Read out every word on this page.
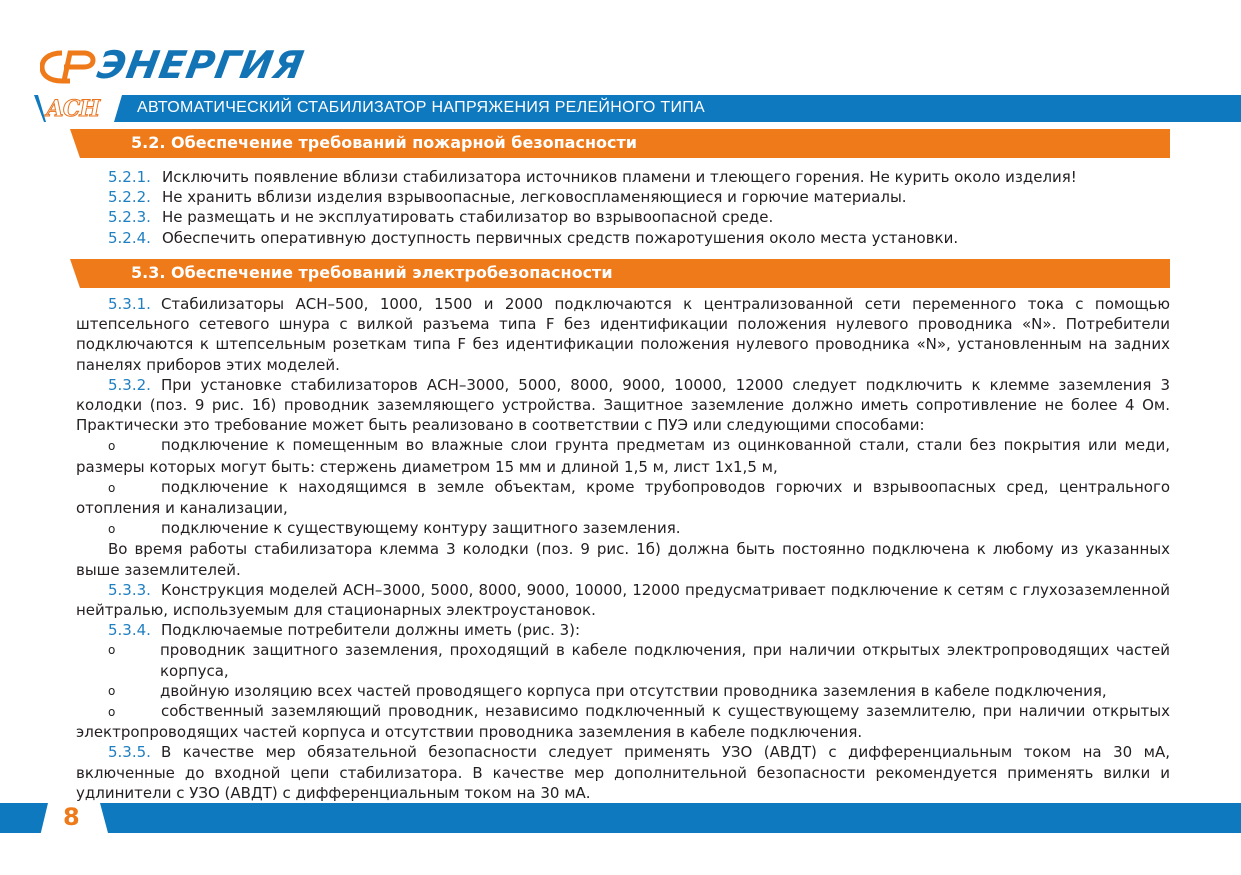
ЭНЕРГИЯ
АСН АВТОМАТИЧЕСКИЙ СТАБИЛИЗАТОР НАПРЯЖЕНИЯ РЕЛЕЙНОГО ТИПА
5.2. Обеспечение требований пожарной безопасности

5.2.1. Исключить появление вблизи стабилизатора источников пламени и тлеющего горения. Не курить около изделия!

5.2.2. Не хранить вблизи изделия взрывоопасные, легковоспламеняющиеся и горючие материалы.

5.2.3. Не размещать и не эксплуатировать стабилизатор во взрывоопасной среде.

5.2.4. Обеспечить оперативную доступность первичных средств пожаротушения около места установки.

5.3. Обеспечение требований электробезопасности

5.3.1. Стабилизаторы АСН–500, 1000, 1500 и 2000 подключаются к централизованной сети переменного тока с помощью штепсельного сетевого шнура с вилкой разъема типа F без идентификации положения нулевого проводника «N». Потребители подключаются к штепсельным розеткам типа F без идентификации положения нулевого проводника «N», установленным на задних панелях приборов этих моделей.

5.3.2. При установке стабилизаторов АСН–3000, 5000, 8000, 9000, 10000, 12000 следует подключить к клемме заземления 3 колодки (поз. 9 рис. 1б) проводник заземляющего устройства. Защитное заземление должно иметь сопротивление не более 4 Ом. Практически это требование может быть реализовано в соответствии с ПУЭ или следующими способами:

o	подключение к помещенным во влажные слои грунта предметам из оцинкованной стали, стали без покрытия или меди, размеры которых могут быть: стержень диаметром 15 мм и длиной 1,5 м, лист 1х1,5 м,

o	подключение к находящимся в земле объектам, кроме трубопроводов горючих и взрывоопасных сред, центрального отопления и канализации,

o	подключение к существующему контуру защитного заземления.

Во время работы стабилизатора клемма 3 колодки (поз. 9 рис. 1б) должна быть постоянно подключена к любому из указанных выше заземлителей.

5.3.3. Конструкция моделей АСН–3000, 5000, 8000, 9000, 10000, 12000 предусматривает подключение к сетям с глухозаземленной нейтралью, используемым для стационарных электроустановок.

5.3.4. Подключаемые потребители должны иметь (рис. 3):

o	проводник защитного заземления, проходящий в кабеле подключения, при наличии открытых электропроводящих частей корпуса,

o	двойную изоляцию всех частей проводящего корпуса при отсутствии проводника заземления в кабеле подключения,

o	собственный заземляющий проводник, независимо подключенный к существующему заземлителю, при наличии открытых электропроводящих частей корпуса и отсутствии проводника заземления в кабеле подключения.

5.3.5. В качестве мер обязательной безопасности следует применять УЗО (АВДТ) с дифференциальным током на 30 мА, включенные до входной цепи стабилизатора. В качестве мер дополнительной безопасности рекомендуется применять вилки и удлинители с УЗО (АВДТ) с дифференциальным током на 30 мА.

8
